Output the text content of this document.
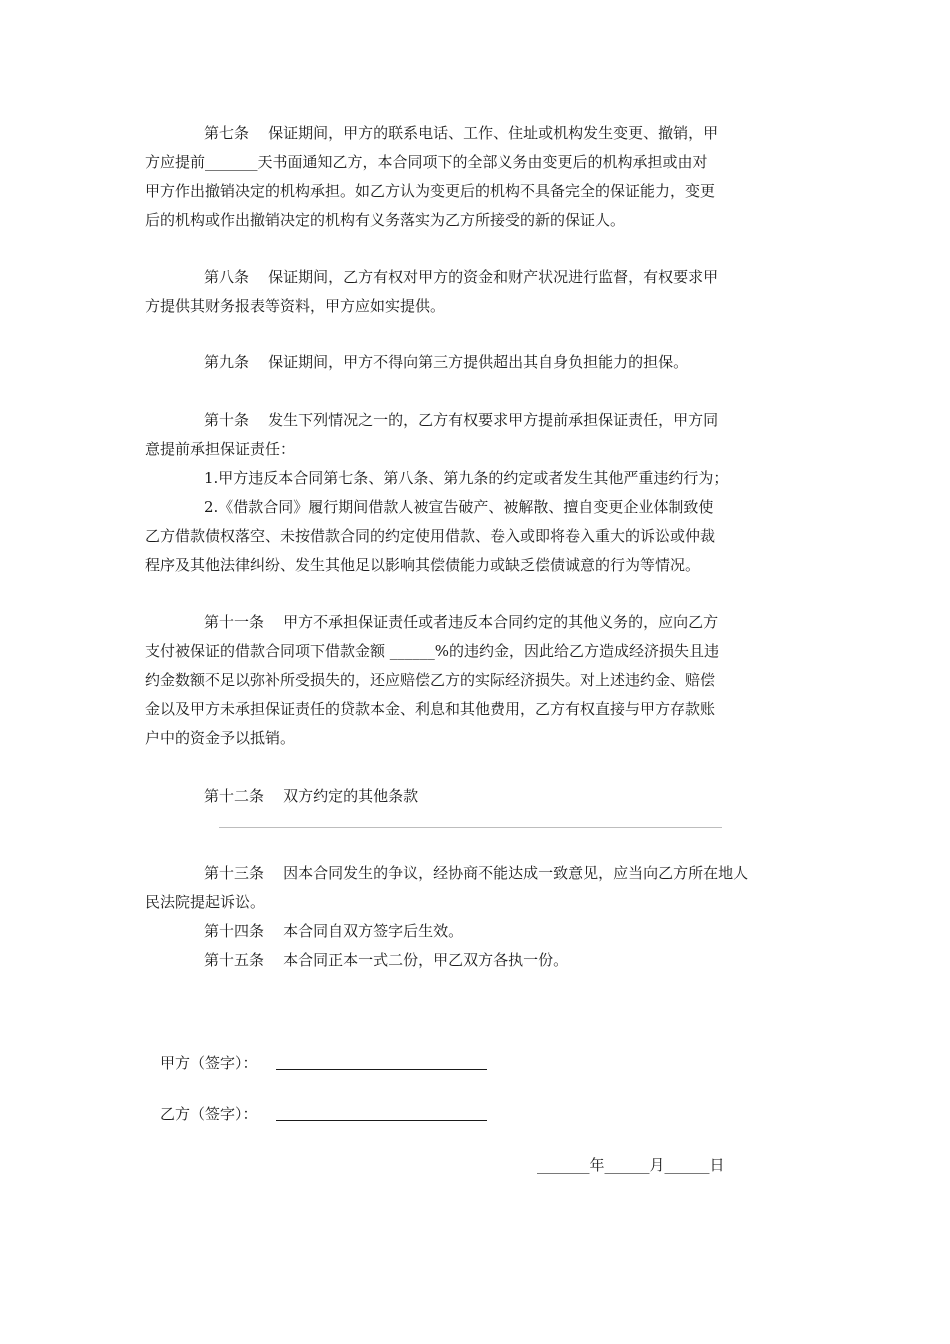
第七条    保证期间，甲方的联系电话、工作、住址或机构发生变更、撤销，甲
方应提前_______天书面通知乙方，本合同项下的全部义务由变更后的机构承担或由对
甲方作出撤销决定的机构承担。如乙方认为变更后的机构不具备完全的保证能力，变更
后的机构或作出撤销决定的机构有义务落实为乙方所接受的新的保证人。
第八条    保证期间，乙方有权对甲方的资金和财产状况进行监督，有权要求甲
方提供其财务报表等资料，甲方应如实提供。
第九条    保证期间，甲方不得向第三方提供超出其自身负担能力的担保。
第十条    发生下列情况之一的，乙方有权要求甲方提前承担保证责任，甲方同
意提前承担保证责任：
1.甲方违反本合同第七条、第八条、第九条的约定或者发生其他严重违约行为；
2.《借款合同》履行期间借款人被宣告破产、被解散、擅自变更企业体制致使
乙方借款债权落空、未按借款合同的约定使用借款、卷入或即将卷入重大的诉讼或仲裁
程序及其他法律纠纷、发生其他足以影响其偿债能力或缺乏偿债诚意的行为等情况。
第十一条    甲方不承担保证责任或者违反本合同约定的其他义务的，应向乙方
支付被保证的借款合同项下借款金额 ______%的违约金，因此给乙方造成经济损失且违
约金数额不足以弥补所受损失的，还应赔偿乙方的实际经济损失。对上述违约金、赔偿
金以及甲方未承担保证责任的贷款本金、利息和其他费用，乙方有权直接与甲方存款账
户中的资金予以抵销。
第十二条    双方约定的其他条款
第十三条    因本合同发生的争议，经协商不能达成一致意见，应当向乙方所在地人
民法院提起诉讼。
第十四条    本合同自双方签字后生效。
第十五条    本合同正本一式二份，甲乙双方各执一份。
甲方（签字）：
乙方（签字）：
_______年______月______日
